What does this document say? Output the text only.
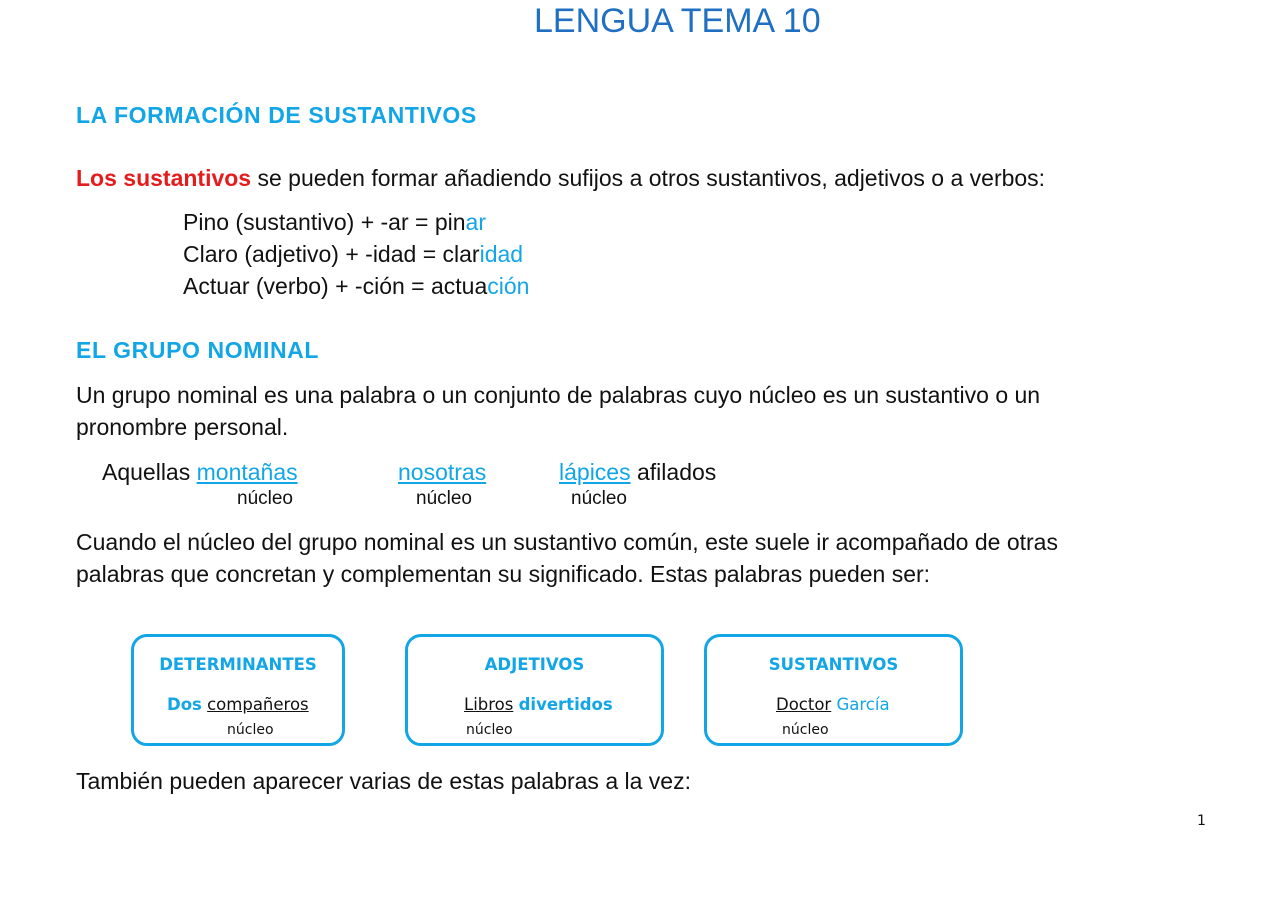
LENGUA TEMA 10
LA FORMACIÓN DE SUSTANTIVOS
Los sustantivos se pueden formar añadiendo sufijos a otros sustantivos, adjetivos o a verbos:
Pino (sustantivo) + -ar = pinar
Claro (adjetivo) + -idad = claridad
Actuar (verbo) + -ción = actuación
EL GRUPO NOMINAL
Un grupo nominal es una palabra o un conjunto de palabras cuyo núcleo es un sustantivo o un
pronombre personal.
Aquellas montañas	nosotras	lápices afilados
núcleo	núcleo	núcleo
Cuando el núcleo del grupo nominal es un sustantivo común, este suele ir acompañado de otras
palabras que concretan y complementan su significado. Estas palabras pueden ser:
DETERMINANTES
Dos compañeros
núcleo
ADJETIVOS
Libros divertidos
núcleo
SUSTANTIVOS
Doctor García
núcleo
También pueden aparecer varias de estas palabras a la vez:
1
